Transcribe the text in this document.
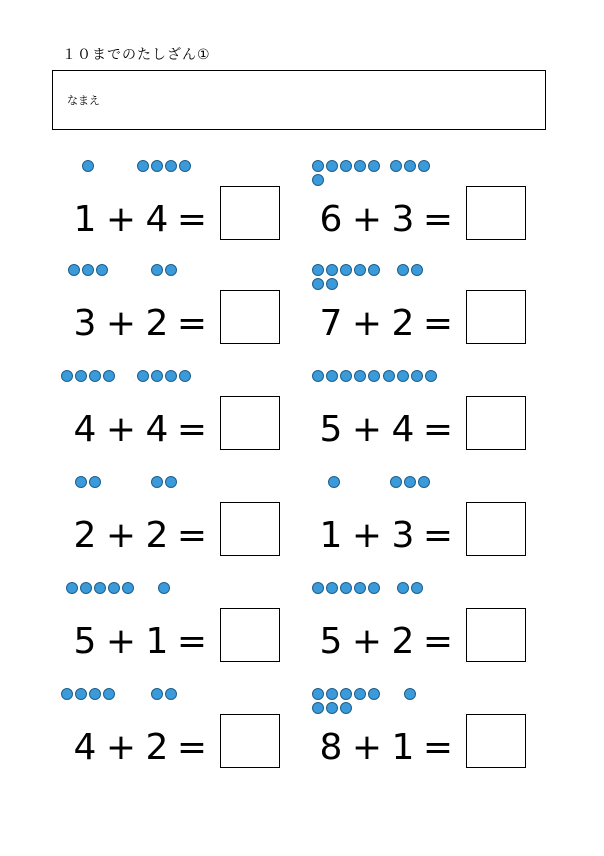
１０までのたしざん①
なまえ
1 + 4 =	6 + 3 =
3 + 2 =	7 + 2 =
4 + 4 =	5 + 4 =
2 + 2 =	1 + 3 =
5 + 1 =	5 + 2 =
4 + 2 =	8 + 1 =
